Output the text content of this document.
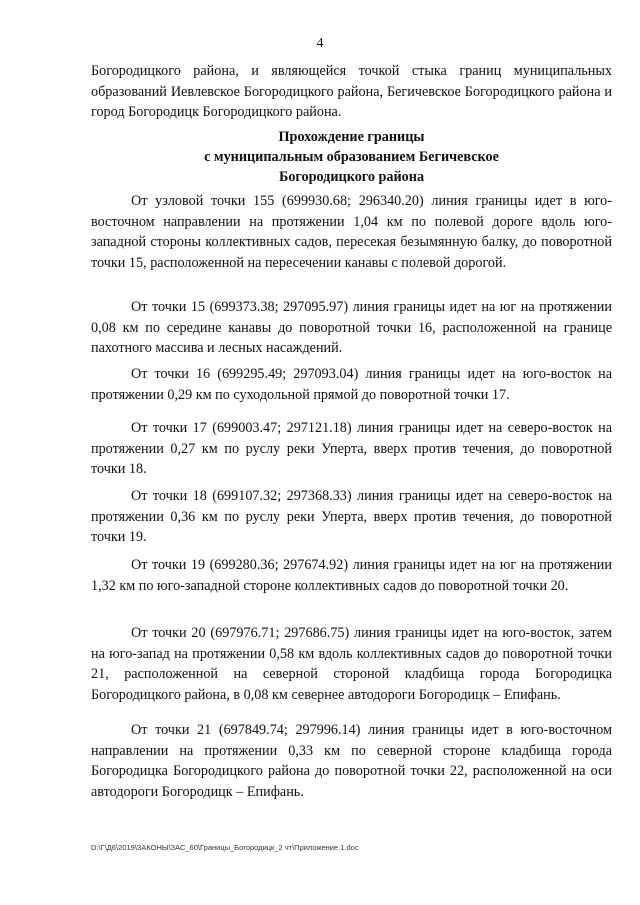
4
Богородицкого района, и являющейся точкой стыка границ муниципальных образований Иевлевское Богородицкого района, Бегичевское Богородицкого района и город Богородицк Богородицкого района.
Прохождение границы
с муниципальным образованием Бегичевское
Богородицкого района
От узловой точки 155 (699930.68; 296340.20) линия границы идет в юго-восточном направлении на протяжении 1,04 км по полевой дороге вдоль юго-западной стороны коллективных садов, пересекая безымянную балку, до поворотной точки 15, расположенной на пересечении канавы с полевой дорогой.
От точки 15 (699373.38; 297095.97) линия границы идет на юг на протяжении 0,08 км по середине канавы до поворотной точки 16, расположенной на границе пахотного массива и лесных насаждений.
От точки 16 (699295.49; 297093.04) линия границы идет на юго-восток на протяжении 0,29 км по суходольной прямой до поворотной точки 17.
От точки 17 (699003.47; 297121.18) линия границы идет на северо-восток на протяжении 0,27 км по руслу реки Уперта, вверх против течения, до поворотной точки 18.
От точки 18 (699107.32; 297368.33) линия границы идет на северо-восток на протяжении 0,36 км по руслу реки Уперта, вверх против течения, до поворотной точки 19.
От точки 19 (699280.36; 297674.92) линия границы идет на юг на протяжении 1,32 км по юго-западной стороне коллективных садов до поворотной точки 20.
От точки 20 (697976.71; 297686.75) линия границы идет на юго-восток, затем на юго-запад на протяжении 0,58 км вдоль коллективных садов до поворотной точки 21, расположенной на северной стороной кладбища города Богородицка Богородицкого района, в 0,08 км севернее автодороги Богородицк – Епифань.
От точки 21 (697849.74; 297996.14) линия границы идет в юго-восточном направлении на протяжении 0,33 км по северной стороне кладбища города Богородицка Богородицкого района до поворотной точки 22, расположенной на оси автодороги Богородицк – Епифань.
D:\Г\Д6\2019\ЗАКОНЫ\ЗАС_60\Границы_Богородицк_2 чт\Приложение 1.doc
